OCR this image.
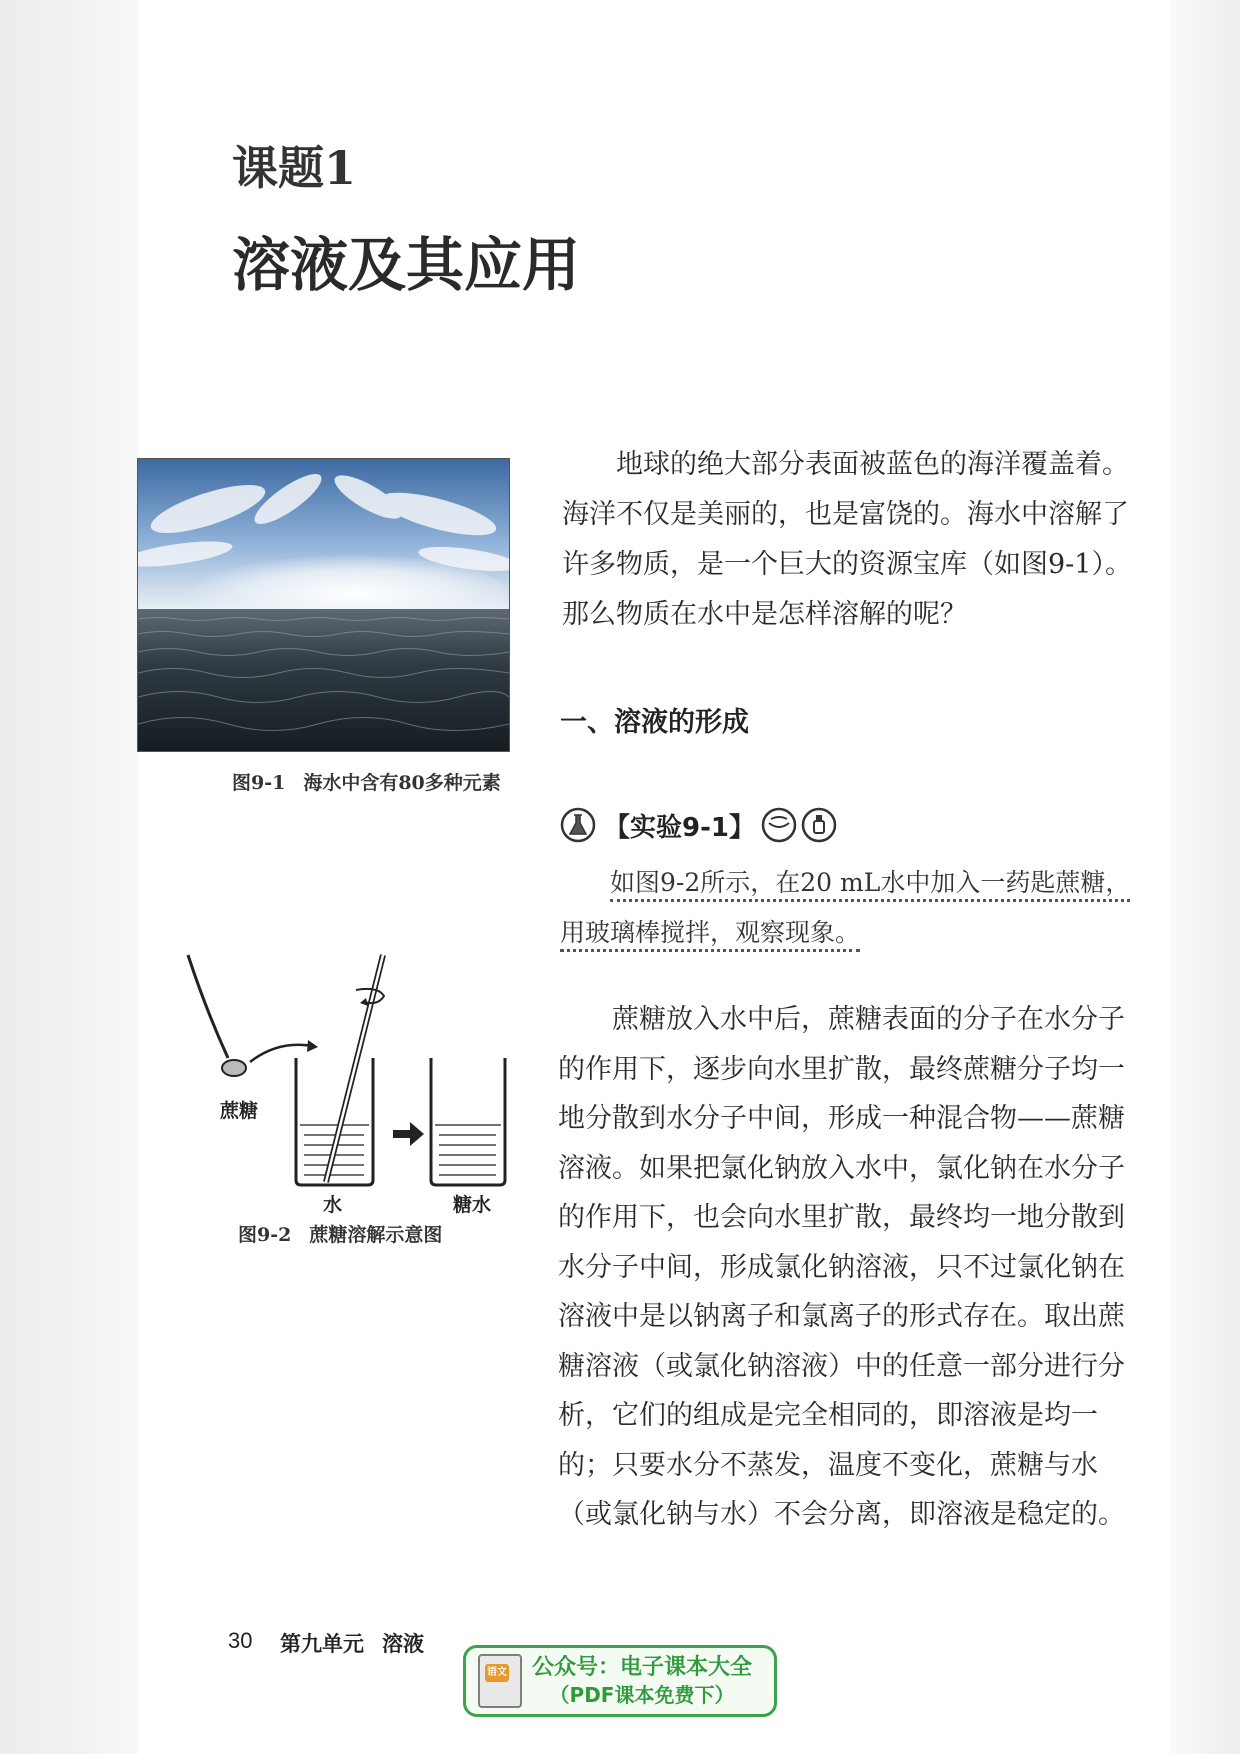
课题1
溶液及其应用
图9-1 海水中含有80多种元素
地球的绝大部分表面被蓝色的海洋覆盖着。海洋不仅是美丽的，也是富饶的。海水中溶解了许多物质，是一个巨大的资源宝库（如图9-1）。那么物质在水中是怎样溶解的呢？
一、溶液的形成
【实验9-1】
如图9-2所示，在20 mL水中加入一药匙蔗糖，
用玻璃棒搅拌，观察现象。
蔗糖
水	糖水
图9-2 蔗糖溶解示意图
蔗糖放入水中后，蔗糖表面的分子在水分子的作用下，逐步向水里扩散，最终蔗糖分子均一地分散到水分子中间，形成一种混合物——蔗糖溶液。如果把氯化钠放入水中，氯化钠在水分子的作用下，也会向水里扩散，最终均一地分散到水分子中间，形成氯化钠溶液，只不过氯化钠在溶液中是以钠离子和氯离子的形式存在。取出蔗糖溶液（或氯化钠溶液）中的任意一部分进行分析，它们的组成是完全相同的，即溶液是均一的；只要水分不蒸发，温度不变化，蔗糖与水（或氯化钠与水）不会分离，即溶液是稳定的。
30 第九单元 溶液
语文 公众号：电子课本大全
（PDF课本免费下）
